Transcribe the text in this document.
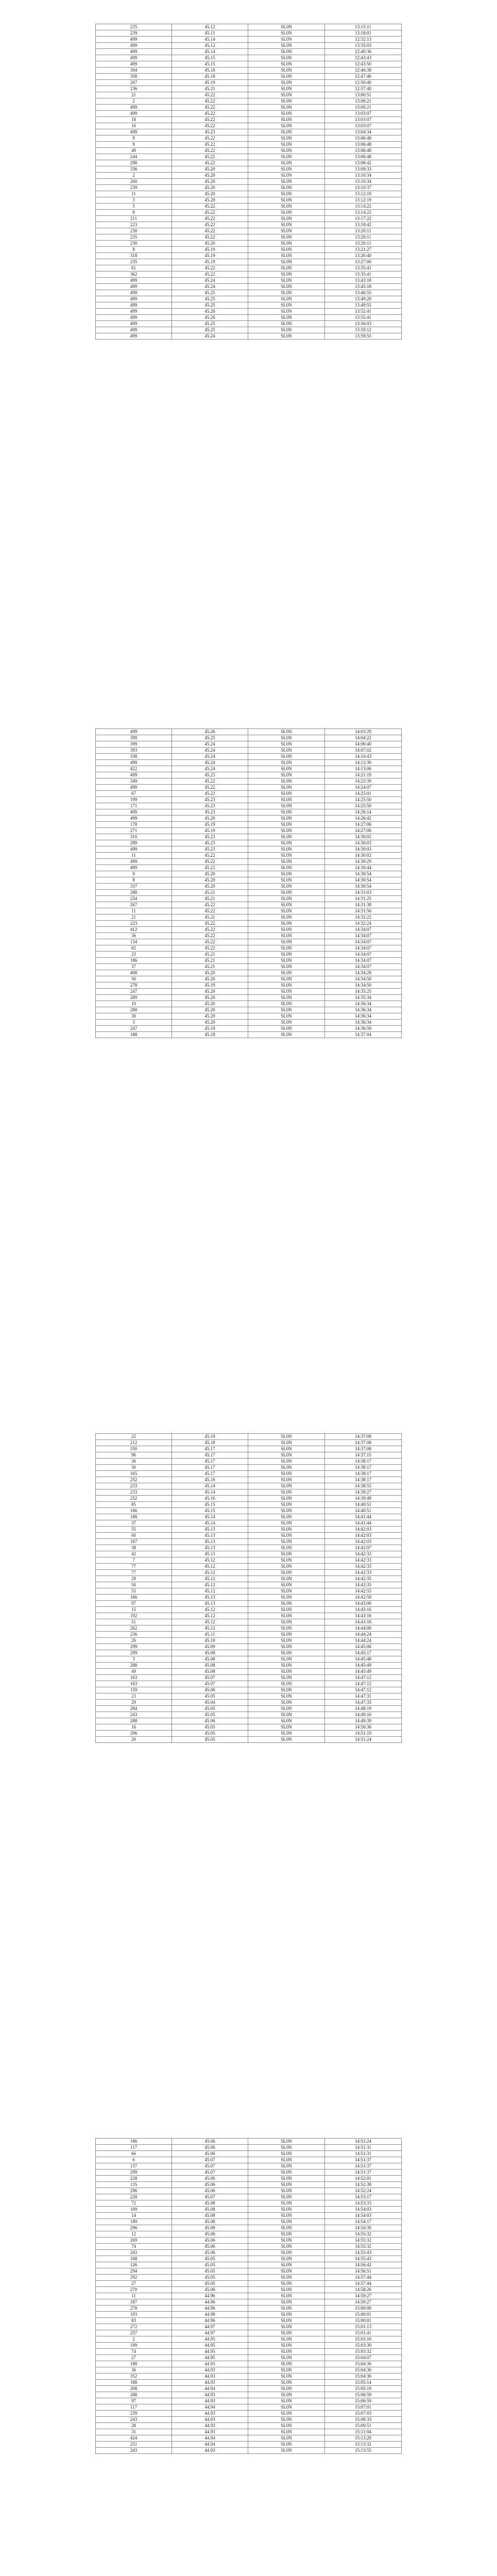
235	45.12	SL0N	13:15:11
239	45.11	SL0N	13:18:01
499	45.14	SL0N	12:32:13
499	45.12	SL0N	13:35:03
499	45.14	SL0N	12:40:36
499	45.15	SL0N	12:43:43
499	45.15	SL0N	12:43:50
304	45.18	SL0N	12:46:38
358	45.18	SL0N	12:47:46
267	45.19	SL0N	12:50:40
236	45.21	SL0N	12:57:40
21	45.22	SL0N	13:00:51
2	45.22	SL0N	13:00:21
499	45.22	SL0N	13:00:21
499	45.22	SL0N	13:03:07
18	45.22	SL0N	13:03:07
16	45.22	SL0N	13:03:07
499	45.23	SL0N	13:04:34
9	45.22	SL0N	13:06:48
9	45.22	SL0N	13:06:48
49	45.22	SL0N	13:06:48
244	45.22	SL0N	13:06:48
298	45.22	SL0N	13:08:42
336	45.20	SL0N	13:09:33
2	45.20	SL0N	13:10:34
260	45.20	SL0N	13:10:34
239	45.20	SL0N	13:10:37
11	45.20	SL0N	13:12:19
3	45.20	SL0N	13:12:19
5	45.22	SL0N	13:14:22
8	45.22	SL0N	13:14:22
211	45.22	SL0N	13:17:22
223	45.22	SL0N	13:18:42
230	45.22	SL0N	13:20:11
235	45.22	SL0N	13:20:11
230	45.20	SL0N	13:20:11
8	45.19	SL0N	13:21:27
318	45.19	SL0N	13:26:40
235	45.19	SL0N	13:27:00
61	45.22	SL0N	13:35:41
362	45.22	SL0N	13:35:41
499	45.24	SL0N	13:43:18
499	45.24	SL0N	13:45:18
499	45.25	SL0N	13:46:55
499	45.25	SL0N	13:49:20
499	45.25	SL0N	13:49:55
499	45.26	SL0N	13:52:41
499	45.26	SL0N	13:55:41
499	45.25	SL0N	13:56:03
499	45.25	SL0N	13:59:12
499	45.24	SL0N	13:59:55
499	45.26	SL0N	14:03:29
399	45.25	SL0N	14:04:22
399	45.24	SL0N	14:06:40
393	45.24	SL0N	14:07:02
338	45.24	SL0N	14:10:43
499	45.24	SL0N	14:12:30
422	45.24	SL0N	14:13:06
499	45.23	SL0N	14:21:19
349	45.22	SL0N	14:23:39
499	45.22	SL0N	14:24:07
67	45.22	SL0N	14:25:01
199	45.23	SL0N	14:25:50
171	45.23	SL0N	14:25:50
499	45.23	SL0N	14:26:14
499	45.20	SL0N	14:26:42
178	45.19	SL0N	14:27:06
271	45.19	SL0N	14:27:06
310	45.23	SL0N	14:30:02
299	45.23	SL0N	14:30:03
499	45.23	SL0N	14:30:03
11	45.22	SL0N	14:30:02
499	45.22	SL0N	14:30:29
499	45.22	SL0N	14:30:44
9	45.20	SL0N	14:30:54
8	45.20	SL0N	14:30:54
337	45.20	SL0N	14:30:54
288	45.21	SL0N	14:31:03
254	45.21	SL0N	14:31:25
267	45.22	SL0N	14:31:38
11	45.22	SL0N	14:31:56
21	45.21	SL0N	14:32:22
223	45.22	SL0N	14:32:24
412	45.22	SL0N	14:34:07
36	45.22	SL0N	14:34:07
134	45.22	SL0N	14:34:07
82	45.22	SL0N	14:34:07
23	45.21	SL0N	14:34:07
186	45.21	SL0N	14:34:07
37	45.21	SL0N	14:34:07
408	45.20	SL0N	14:34:28
50	45.20	SL0N	14:34:50
278	45.19	SL0N	14:34:50
247	45.20	SL0N	14:35:25
289	45.20	SL0N	14:35:34
10	45.20	SL0N	14:36:34
288	45.20	SL0N	14:36:34
30	45.20	SL0N	14:36:34
3	45.20	SL0N	14:36:34
247	45.19	SL0N	14:36:59
188	45.18	SL0N	14:37:04
22	45.19	SL0N	14:37:08
212	45.18	SL0N	14:37:08
330	45.17	SL0N	14:37:08
96	45.17	SL0N	14:37:15
36	45.17	SL0N	14:38:17
30	45.17	SL0N	14:38:17
165	45.17	SL0N	14:38:17
252	45.16	SL0N	14:38:17
233	45.14	SL0N	14:38:55
233	45.14	SL0N	14:39:27
252	45.16	SL0N	14:39:49
85	45.15	SL0N	14:40:51
166	45.15	SL0N	14:40:51
188	45.14	SL0N	14:41:44
37	45.14	SL0N	14:41:44
55	45.13	SL0N	14:42:03
60	45.13	SL0N	14:42:03
187	45.13	SL0N	14:42:03
38	45.13	SL0N	14:42:07
42	45.13	SL0N	14:42:33
7	45.12	SL0N	14:42:33
77	45.12	SL0N	14:42:33
77	45.12	SL0N	14:42:33
29	45.12	SL0N	14:42:35
50	45.12	SL0N	14:42:35
55	45.12	SL0N	14:42:55
166	45.13	SL0N	14:42:59
97	45.13	SL0N	14:43:00
15	45.12	SL0N	14:43:16
192	45.12	SL0N	14:43:16
51	45.12	SL0N	14:43:16
262	45.12	SL0N	14:44:00
236	45.11	SL0N	14:44:24
26	45.10	SL0N	14:44:24
299	45.09	SL0N	14:45:06
299	45.08	SL0N	14:45:17
3	45.08	SL0N	14:45:48
288	45.08	SL0N	14:45:49
49	45.08	SL0N	14:45:49
163	45.07	SL0N	14:47:12
163	45.07	SL0N	14:47:12
159	45.06	SL0N	14:47:12
23	45.05	SL0N	14:47:31
29	45.04	SL0N	14:47:33
284	45.05	SL0N	14:48:19
243	45.05	SL0N	14:49:16
288	45.06	SL0N	14:49:39
16	45.05	SL0N	14:50:36
296	45.05	SL0N	14:51:19
20	45.05	SL0N	14:51:24
186	45.06	SL0N	14:51:24
117	45.06	SL0N	14:51:31
66	45.06	SL0N	14:51:31
6	45.07	SL0N	14:51:37
137	45.07	SL0N	14:51:37
299	45.07	SL0N	14:51:37
228	45.06	SL0N	14:52:01
135	45.06	SL0N	14:52:38
296	45.06	SL0N	14:52:24
228	45.07	SL0N	14:53:17
72	45.08	SL0N	14:53:33
109	45.08	SL0N	14:54:03
14	45.08	SL0N	14:54:03
189	45.08	SL0N	14:54:17
296	45.08	SL0N	14:54:30
12	45.06	SL0N	14:55:32
269	45.06	SL0N	14:55:32
74	45.06	SL0N	14:55:32
243	45.06	SL0N	14:55:43
168	45.05	SL0N	14:55:43
126	45.05	SL0N	14:56:42
294	45.05	SL0N	14:56:51
292	45.05	SL0N	14:57:44
27	45.05	SL0N	14:57:44
270	45.06	SL0N	14:58:26
11	44.96	SL0N	14:59:27
187	44.96	SL0N	14:59:27
278	44.96	SL0N	15:00:00
193	44.98	SL0N	15:00:01
83	44.96	SL0N	15:00:01
272	44.97	SL0N	15:01:13
257	44.97	SL0N	15:01:41
2	44.95	SL0N	15:03:10
199	44.95	SL0N	15:03:30
74	44.95	SL0N	15:03:32
27	44.95	SL0N	15:04:07
188	44.93	SL0N	15:04:36
36	44.93	SL0N	15:04:36
352	44.93	SL0N	15:04:36
188	44.93	SL0N	15:05:14
208	44.94	SL0N	15:05:19
288	44.93	SL0N	15:06:59
97	44.93	SL0N	15:06:59
117	44.94	SL0N	15:07:01
239	44.93	SL0N	15:07:03
243	44.93	SL0N	15:08:33
28	44.93	SL0N	15:09:51
31	44.93	SL0N	15:11:04
424	44.94	SL0N	15:13:20
251	44.94	SL0N	15:13:32
243	44.93	SL0N	15:13:55
